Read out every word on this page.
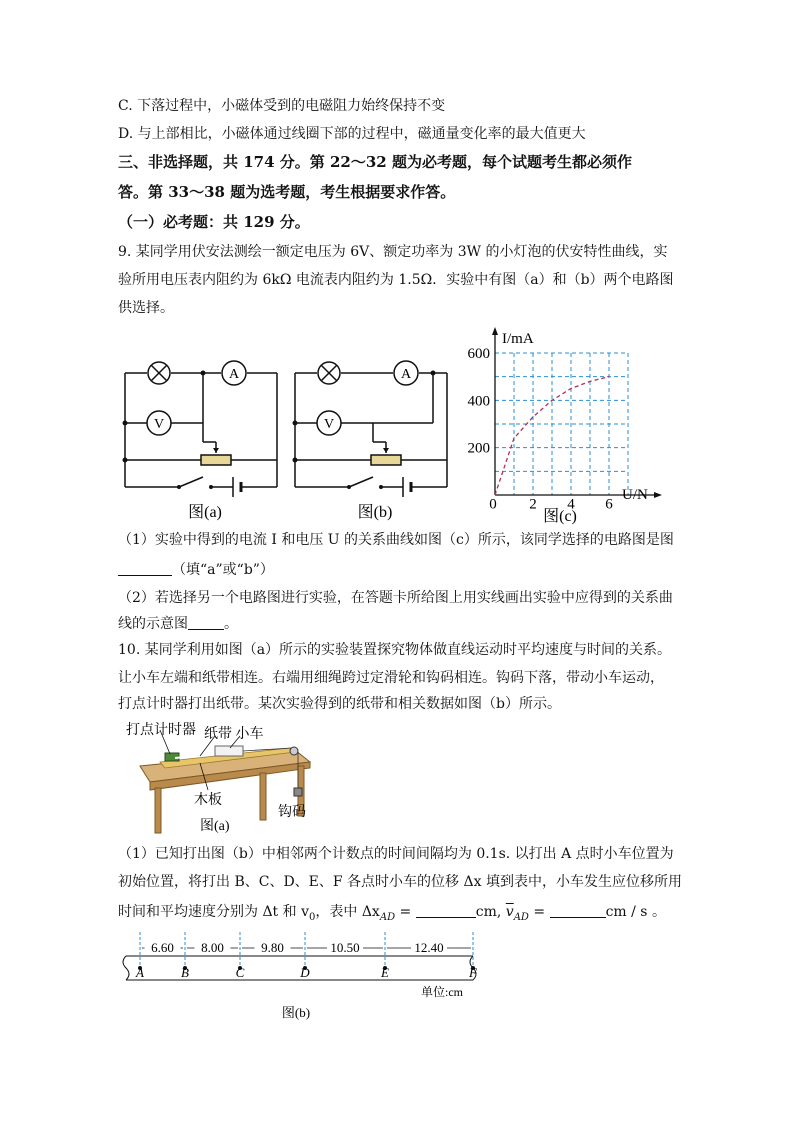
C. 下落过程中，小磁体受到的电磁阻力始终保持不变
D. 与上部相比，小磁体通过线圈下部的过程中，磁通量变化率的最大值更大
三、非选择题，共 174 分。第 22～32 题为必考题，每个试题考生都必须作
答。第 33～38 题为选考题，考生根据要求作答。
（一）必考题：共 129 分。
9. 某同学用伏安法测绘一额定电压为 6V、额定功率为 3W 的小灯泡的伏安特性曲线，实
验所用电压表内阻约为 6kΩ 电流表内阻约为 1.5Ω．实验中有图（a）和（b）两个电路图
供选择。
A
V
图(a)
A
V
图(b)
600
400
200
0 2 4 6
I/mA
U/N
图(c)
（1）实验中得到的电流 I 和电压 U 的关系曲线如图（c）所示，该同学选择的电路图是图
（填“a”或“b”）
（2）若选择另一个电路图进行实验，在答题卡所给图上用实线画出实验中应得到的关系曲
线的示意图	。
10. 某同学利用如图（a）所示的实验装置探究物体做直线运动时平均速度与时间的关系。
让小车左端和纸带相连。右端用细绳跨过定滑轮和钩码相连。钩码下落，带动小车运动，
打点计时器打出纸带。某次实验得到的纸带和相关数据如图（b）所示。
打点计时器 纸带 小车
木板
钩码
图(a)
（1）已知打出图（b）中相邻两个计数点的时间间隔均为 0.1s. 以打出 A 点时小车位置为
初始位置，将打出 B、C、D、E、F 各点时小车的位移 Δx 填到表中，小车发生应位移所用
时间和平均速度分别为 Δt 和 $v_0$，表中 $\Delta x_{AD}$ =	cm, $\overline{v}_{AD}$ =	cm / s 。
A	B	C	D	E	F
6.60 8.00	9.80	10.50	12.40
单位:cm
图(b)
